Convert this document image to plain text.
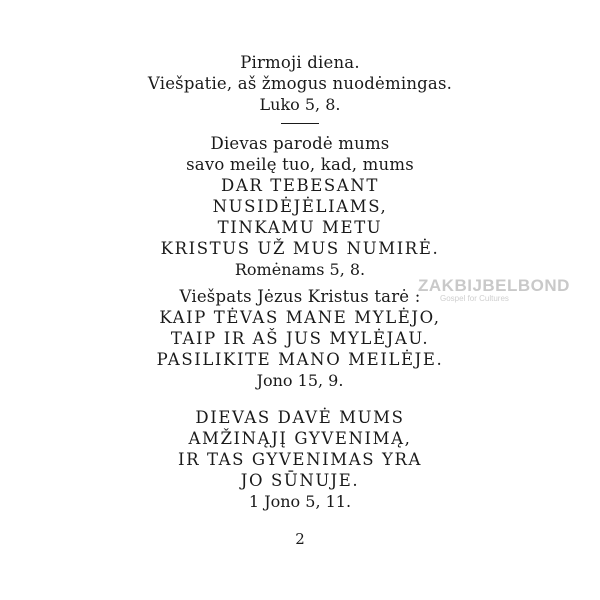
Pirmoji diena.

Viešpatie, aš žmogus nuodėmingas.

Luko 5, 8.

Dievas parodė mums

savo meilę tuo, kad, mums

DAR TEBESANT

NUSIDĖJĖLIAMS,

TINKAMU METU

KRISTUS UŽ MUS NUMIRĖ.

Romėnams 5, 8.

Viešpats Jėzus Kristus tarė :

KAIP TĖVAS MANE MYLĖJO,

TAIP IR AŠ JUS MYLĖJAU.

PASILIKITE MANO MEILĖJE.

Jono 15, 9.

DIEVAS DAVĖ MUMS

AMŽINĄJĮ GYVENIMĄ,

IR TAS GYVENIMAS YRA

JO SŪNUJE.

1 Jono 5, 11.

2
ZAKBIJBELBOND
Gospel for Cultures
